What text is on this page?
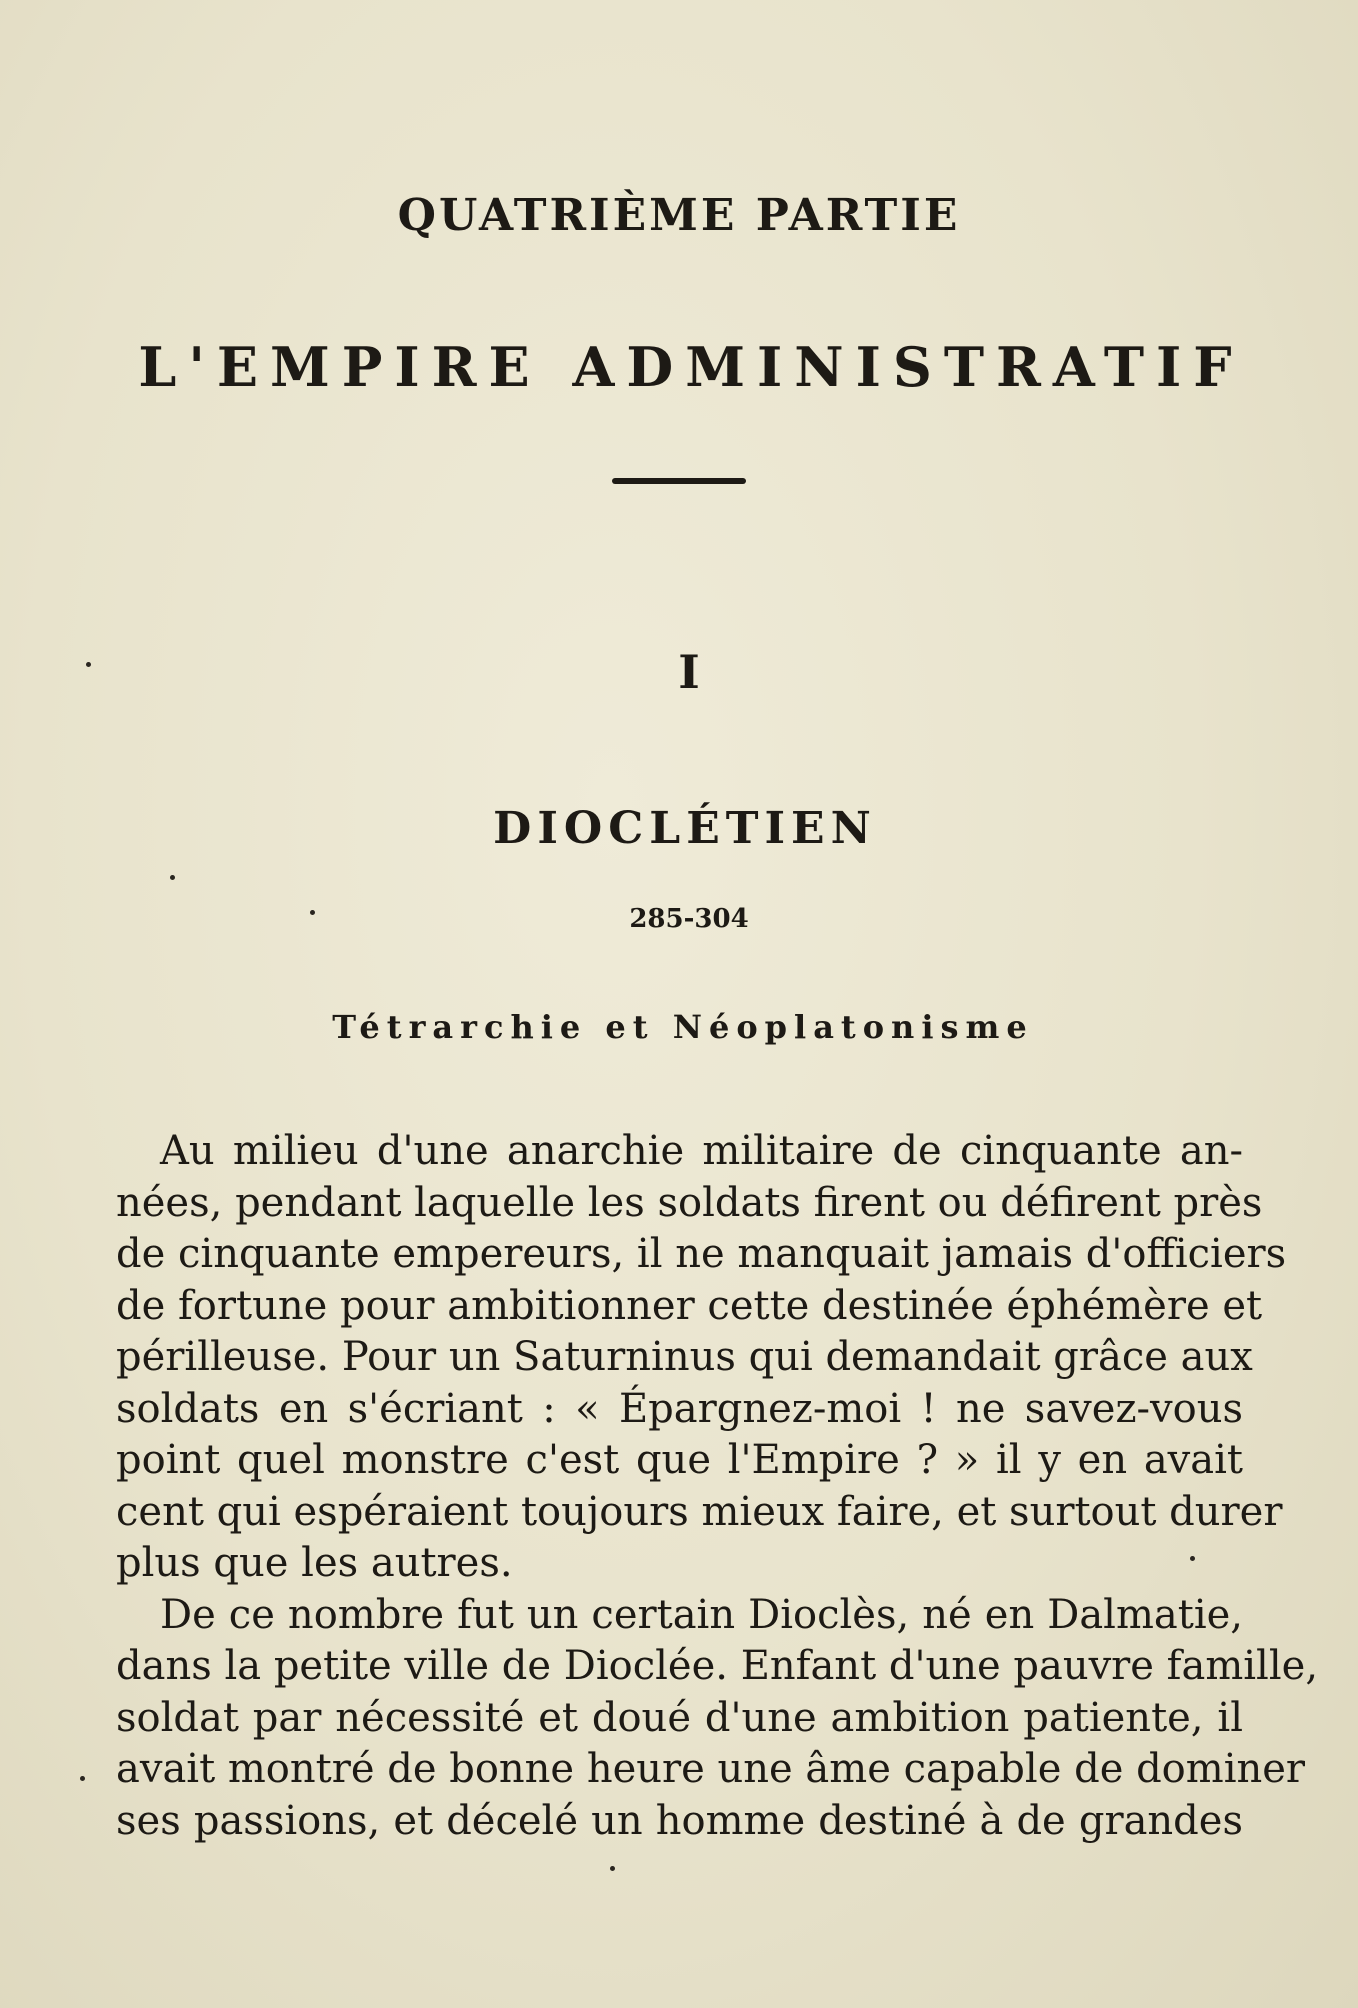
QUATRIÈME PARTIE
L'EMPIRE ADMINISTRATIF
I
DIOCLÉTIEN
285-304
Tétrarchie et Néoplatonisme

Au milieu d'une anarchie militaire de cinquante an-
nées, pendant laquelle les soldats firent ou défirent près
de cinquante empereurs, il ne manquait jamais d'officiers
de fortune pour ambitionner cette destinée éphémère et
périlleuse. Pour un Saturninus qui demandait grâce aux
soldats en s'écriant : « Épargnez-moi ! ne savez-vous
point quel monstre c'est que l'Empire ? » il y en avait
cent qui espéraient toujours mieux faire, et surtout durer
plus que les autres.

De ce nombre fut un certain Dioclès, né en Dalmatie,
dans la petite ville de Dioclée. Enfant d'une pauvre famille,
soldat par nécessité et doué d'une ambition patiente, il
avait montré de bonne heure une âme capable de dominer
ses passions, et décelé un homme destiné à de grandes
